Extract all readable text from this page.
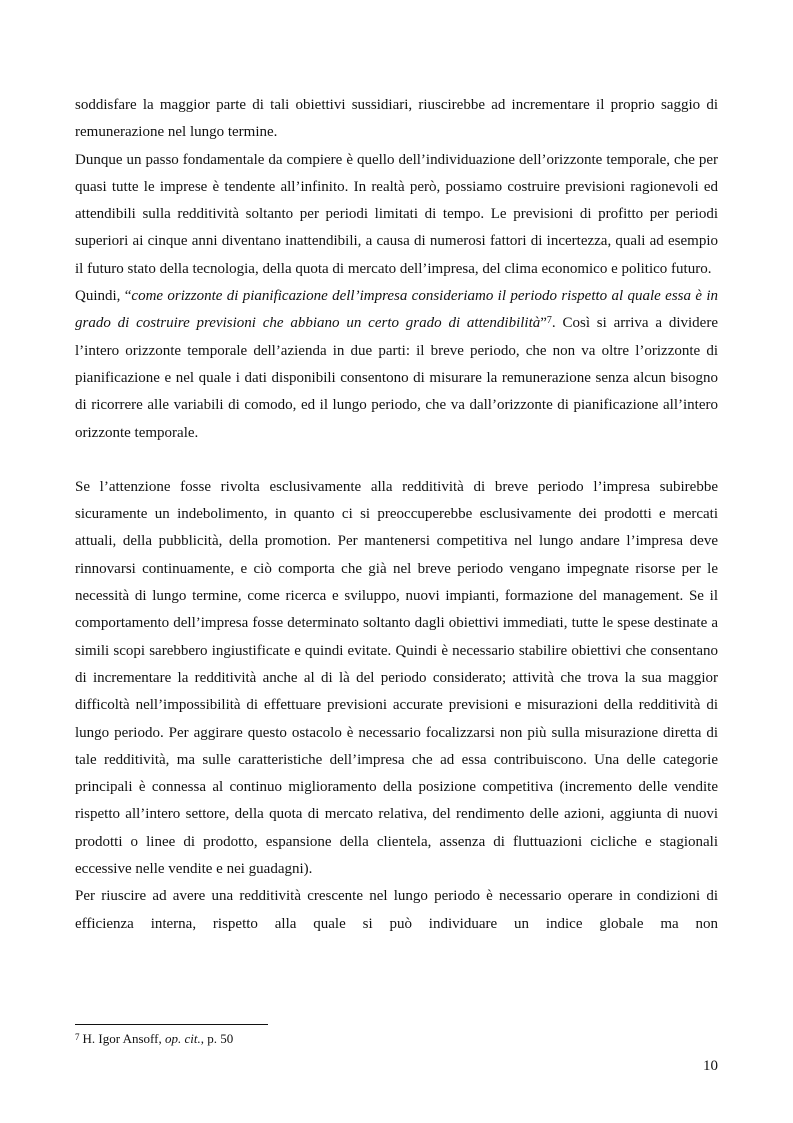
soddisfare la maggior parte di tali obiettivi sussidiari, riuscirebbe ad incrementare il proprio saggio di remunerazione nel lungo termine.

Dunque un passo fondamentale da compiere è quello dell’individuazione dell’orizzonte temporale, che per quasi tutte le imprese è tendente all’infinito. In realtà però, possiamo costruire previsioni ragionevoli ed attendibili sulla redditività soltanto per periodi limitati di tempo. Le previsioni di profitto per periodi superiori ai cinque anni diventano inattendibili, a causa di numerosi fattori di incertezza, quali ad esempio il futuro stato della tecnologia, della quota di mercato dell’impresa, del clima economico e politico futuro.

Quindi, “come orizzonte di pianificazione dell’impresa consideriamo il periodo rispetto al quale essa è in grado di costruire previsioni che abbiano un certo grado di attendibilità”$^7$. Così si arriva a dividere l’intero orizzonte temporale dell’azienda in due parti: il breve periodo, che non va oltre l’orizzonte di pianificazione e nel quale i dati disponibili consentono di misurare la remunerazione senza alcun bisogno di ricorrere alle variabili di comodo, ed il lungo periodo, che va dall’orizzonte di pianificazione all’intero orizzonte temporale.

Se l’attenzione fosse rivolta esclusivamente alla redditività di breve periodo l’impresa subirebbe sicuramente un indebolimento, in quanto ci si preoccuperebbe esclusivamente dei prodotti e mercati attuali, della pubblicità, della promotion. Per mantenersi competitiva nel lungo andare l’impresa deve rinnovarsi continuamente, e ciò comporta che già nel breve periodo vengano impegnate risorse per le necessità di lungo termine, come ricerca e sviluppo, nuovi impianti, formazione del management. Se il comportamento dell’impresa fosse determinato soltanto dagli obiettivi immediati, tutte le spese destinate a simili scopi sarebbero ingiustificate e quindi evitate. Quindi è necessario stabilire obiettivi che consentano di incrementare la redditività anche al di là del periodo considerato; attività che trova la sua maggior difficoltà nell’impossibilità di effettuare previsioni accurate previsioni e misurazioni della redditività di lungo periodo. Per aggirare questo ostacolo è necessario focalizzarsi non più sulla misurazione diretta di tale redditività, ma sulle caratteristiche dell’impresa che ad essa contribuiscono. Una delle categorie principali è connessa al continuo miglioramento della posizione competitiva (incremento delle vendite rispetto all’intero settore, della quota di mercato relativa, del rendimento delle azioni, aggiunta di nuovi prodotti o linee di prodotto, espansione della clientela, assenza di fluttuazioni cicliche e stagionali eccessive nelle vendite e nei guadagni).

Per riuscire ad avere una redditività crescente nel lungo periodo è necessario operare in condizioni di efficienza interna, rispetto alla quale si può individuare un indice globale ma non

$^7$ H. Igor Ansoff, op. cit., p. 50
10
